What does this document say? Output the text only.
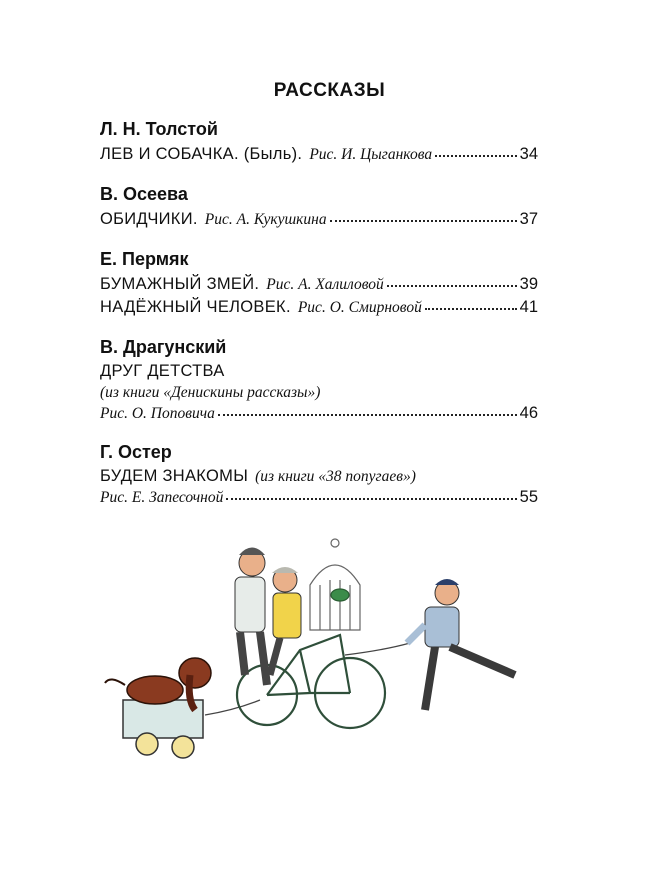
РАССКАЗЫ
Л. Н. Толстой
ЛЕВ И СОБАЧКА. (Быль). Рис. И. Цыганкова	34
В. Осеева
ОБИДЧИКИ. Рис. А. Кукушкина	37
Е. Пермяк
БУМАЖНЫЙ ЗМЕЙ. Рис. А. Халиловой	39
НАДЁЖНЫЙ ЧЕЛОВЕК. Рис. О. Смирновой	41
В. Драгунский
ДРУГ ДЕТСТВА
(из книги «Денискины рассказы»)
Рис. О. Поповича	46
Г. Остер
БУДЕМ ЗНАКОМЫ (из книги «38 попугаев»)
Рис. Е. Запесочной	55
